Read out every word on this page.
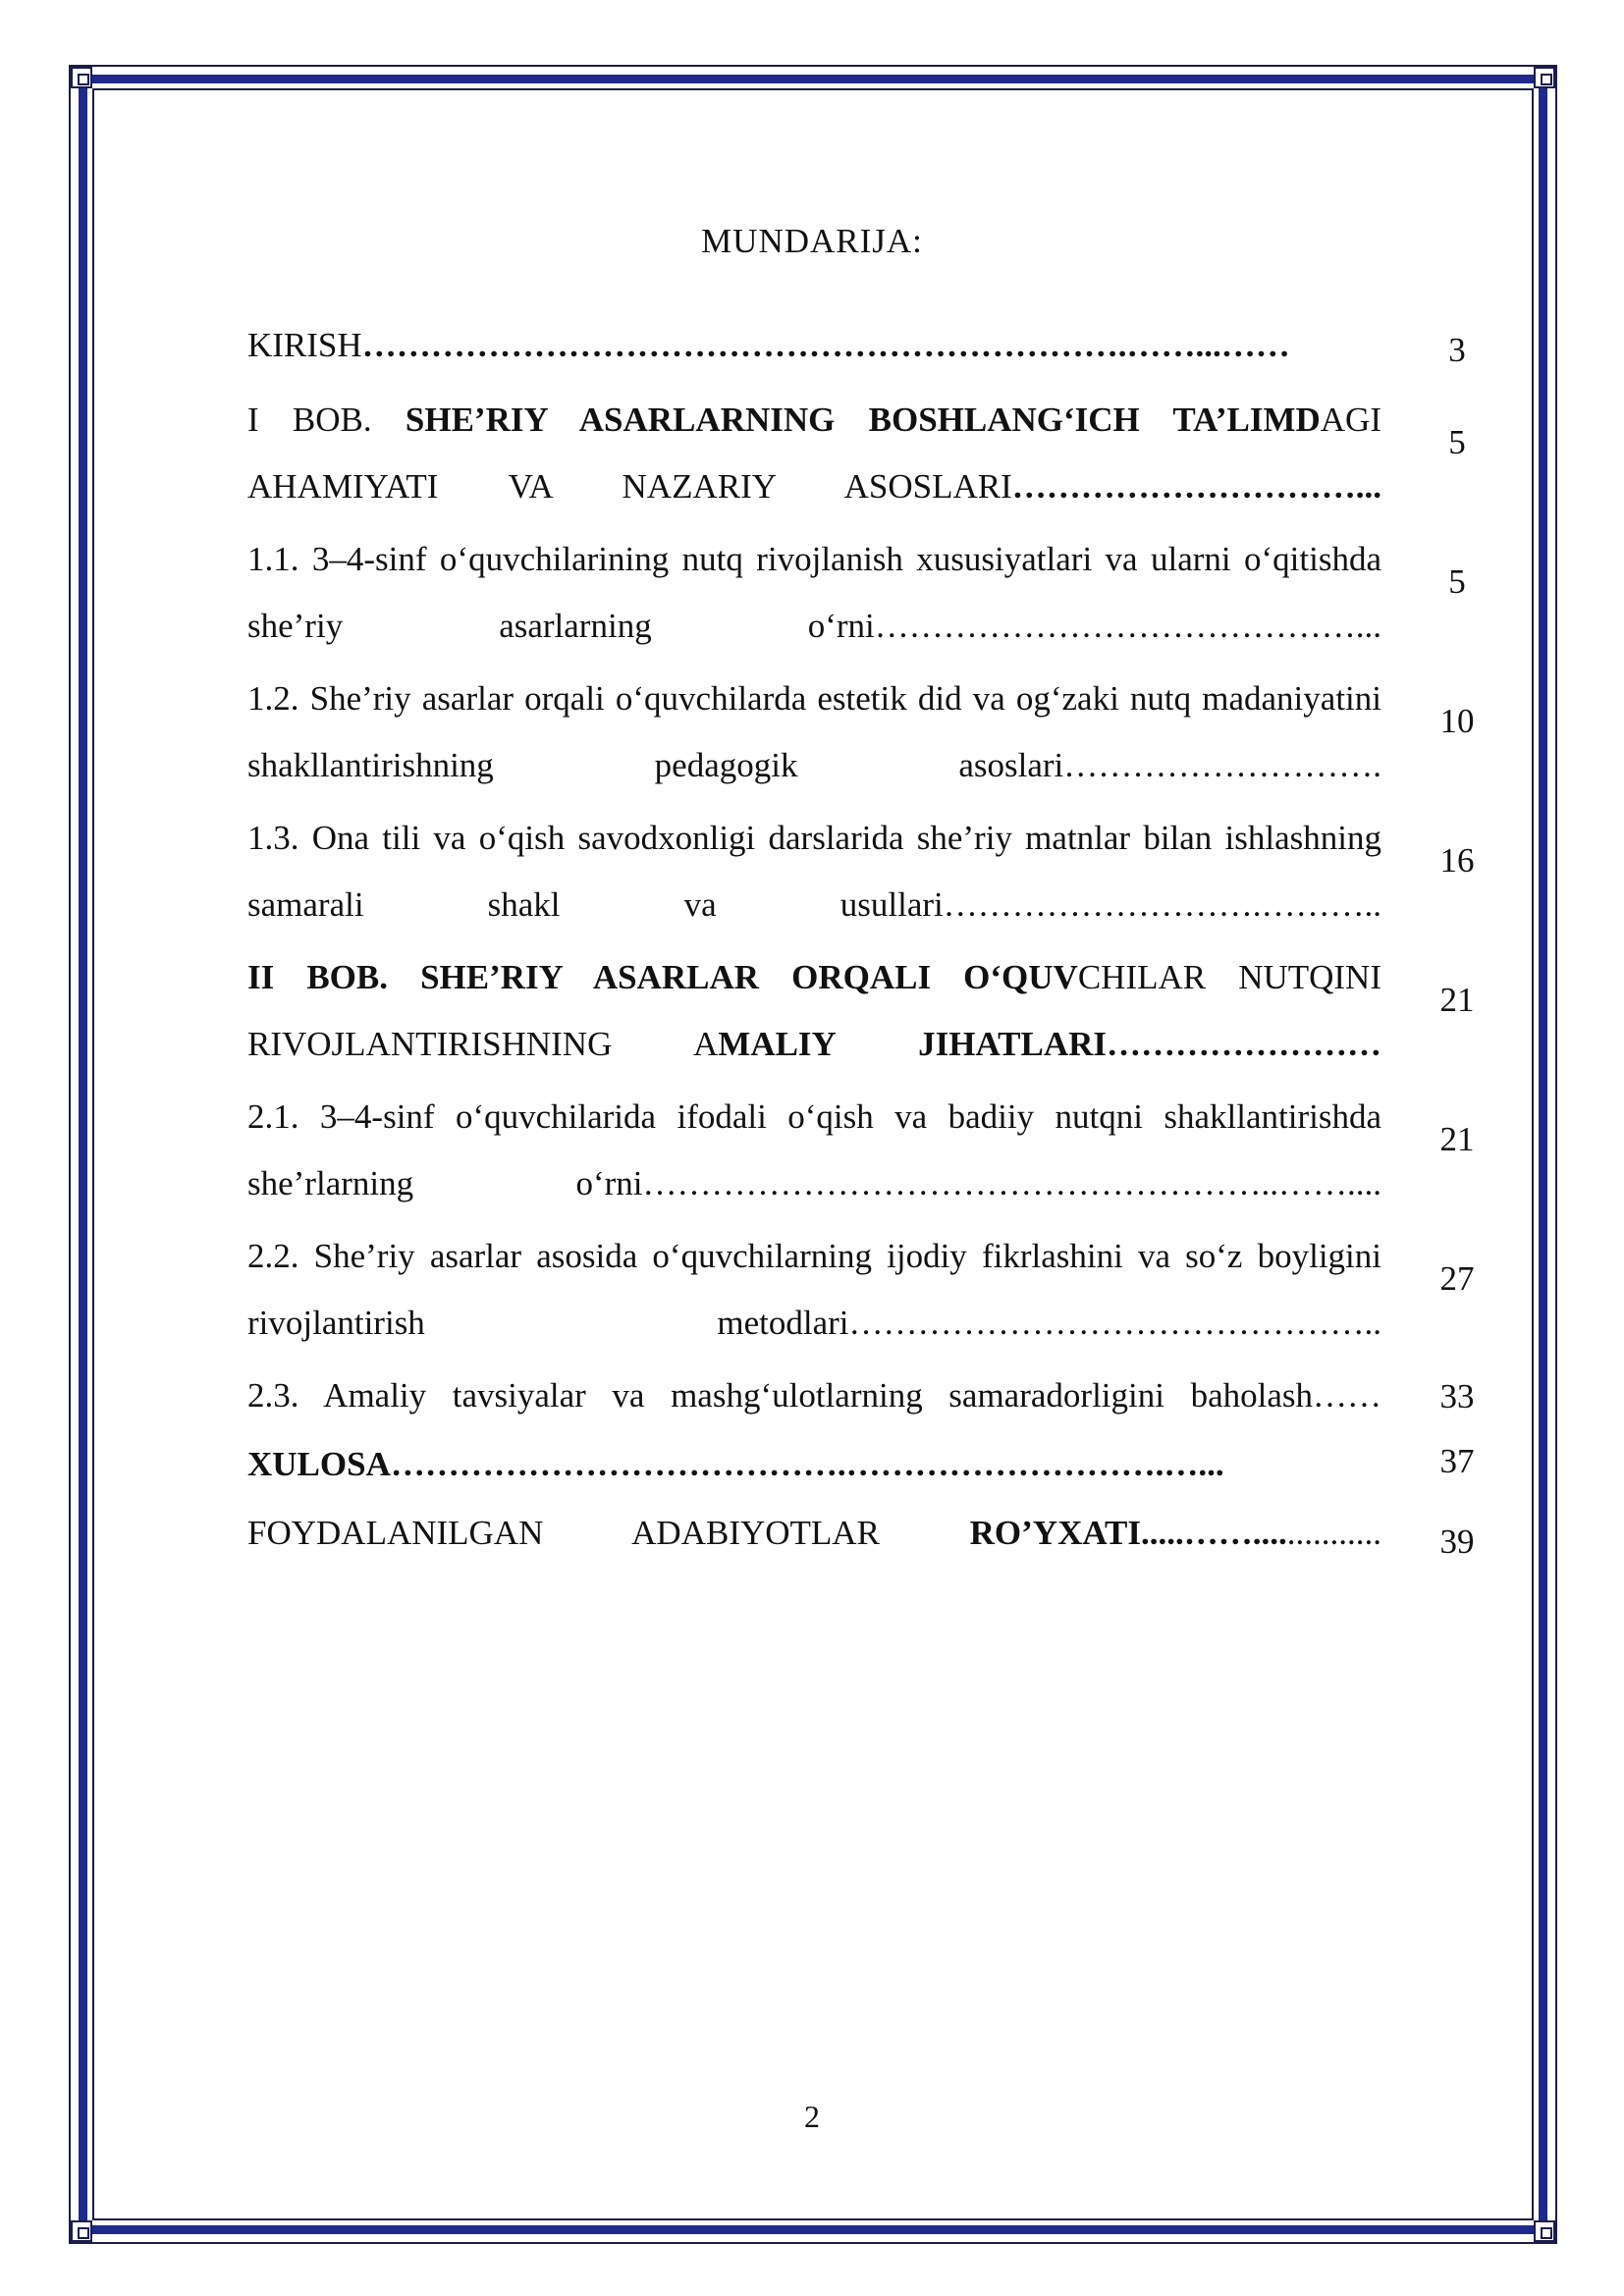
MUNDARIJA:
KIRISH………………………………………………………….……...……	3
I BOB. SHE’RIY ASARLARNING BOSHLANG‘ICH TA’LIMDAGI AHAMIYATI VA NAZARIY ASOSLARI…………………………...
5
1.1. 3–4-sinf o‘quvchilarining nutq rivojlanish xususiyatlari va ularni o‘qitishda she’riy asarlarning o‘rni……………………………………...
5
1.2. She’riy asarlar orqali o‘quvchilarda estetik did va og‘zaki nutq madaniyatini shakllantirishning pedagogik asoslari……………………….
10
1.3. Ona tili va o‘qish savodxonligi darslarida she’riy matnlar bilan ishlashning samarali shakl va usullari……………………….………..
16
II BOB. SHE’RIY ASARLAR ORQALI O‘QUVCHILAR NUTQINI RIVOJLANTIRISHNING AMALIY JIHATLARI……………………
21
2.1. 3–4-sinf o‘quvchilarida ifodali o‘qish va badiiy nutqni shakllantirishda she’rlarning o‘rni………………………………………………..……....
21
2.2. She’riy asarlar asosida o‘quvchilarning ijodiy fikrlashini va so‘z boyligini rivojlantirish metodlari………………………………………..
27
2.3. Amaliy tavsiyalar va mashg‘ulotlarning samaradorligini baholash……	33
XULOSA………………………………….……………………….…...	37
FOYDALANILGAN ADABIYOTLAR RO’YXATI.....……...............	39
2
